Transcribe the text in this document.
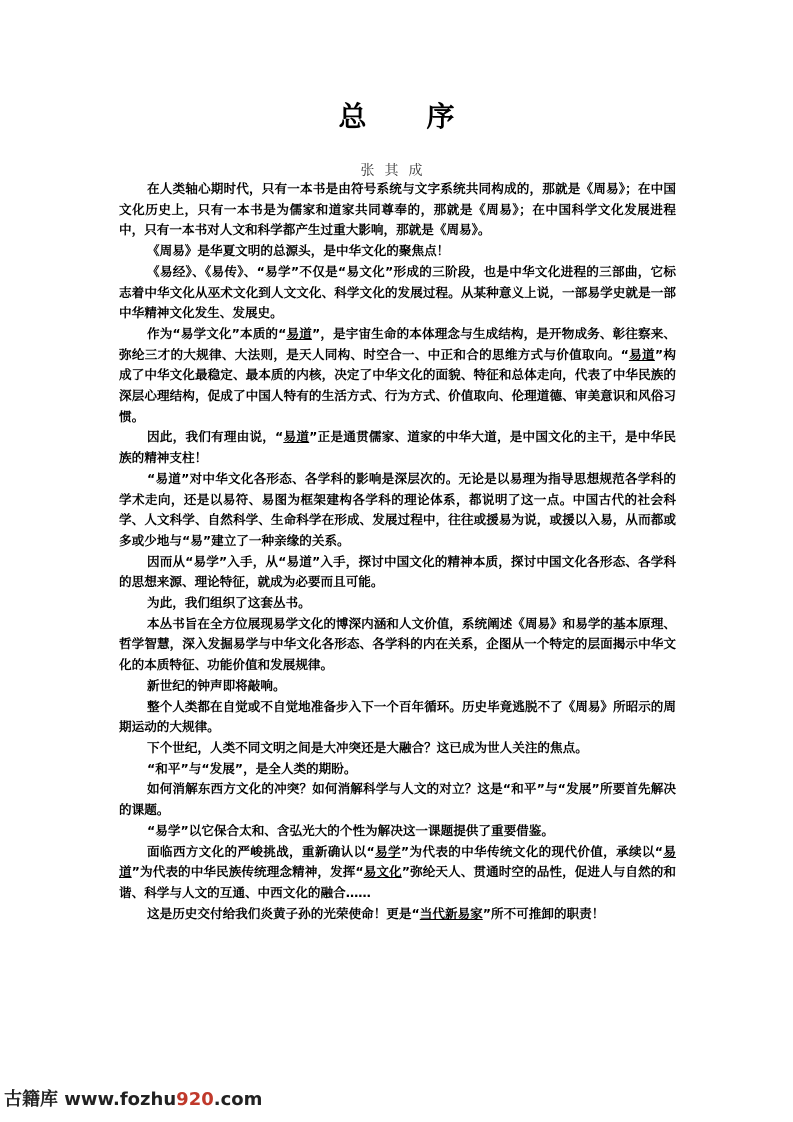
总 序
张其成

在人类轴心期时代，只有一本书是由符号系统与文字系统共同构成的，那就是《周易》；在中国文化历史上，只有一本书是为儒家和道家共同尊奉的，那就是《周易》；在中国科学文化发展进程中，只有一本书对人文和科学都产生过重大影响，那就是《周易》。

《周易》是华夏文明的总源头，是中华文化的聚焦点！

《易经》、《易传》、“易学”不仅是“易文化”形成的三阶段，也是中华文化进程的三部曲，它标志着中华文化从巫术文化到人文文化、科学文化的发展过程。从某种意义上说，一部易学史就是一部中华精神文化发生、发展史。

作为“易学文化”本质的“易道”，是宇宙生命的本体理念与生成结构，是开物成务、彰往察来、弥纶三才的大规律、大法则，是天人同构、时空合一、中正和合的思维方式与价值取向。“易道”构成了中华文化最稳定、最本质的内核，决定了中华文化的面貌、特征和总体走向，代表了中华民族的深层心理结构，促成了中国人特有的生活方式、行为方式、价值取向、伦理道德、审美意识和风俗习惯。

因此，我们有理由说，“易道”正是通贯儒家、道家的中华大道，是中国文化的主干，是中华民族的精神支柱！

“易道”对中华文化各形态、各学科的影响是深层次的。无论是以易理为指导思想规范各学科的学术走向，还是以易符、易图为框架建构各学科的理论体系，都说明了这一点。中国古代的社会科学、人文科学、自然科学、生命科学在形成、发展过程中，往往或援易为说，或援以入易，从而都或多或少地与“易”建立了一种亲缘的关系。

因而从“易学”入手，从“易道”入手，探讨中国文化的精神本质，探讨中国文化各形态、各学科的思想来源、理论特征，就成为必要而且可能。

为此，我们组织了这套丛书。

本丛书旨在全方位展现易学文化的博深内涵和人文价值，系统阐述《周易》和易学的基本原理、哲学智慧，深入发掘易学与中华文化各形态、各学科的内在关系，企图从一个特定的层面揭示中华文化的本质特征、功能价值和发展规律。

新世纪的钟声即将敲响。

整个人类都在自觉或不自觉地准备步入下一个百年循环。历史毕竟逃脱不了《周易》所昭示的周期运动的大规律。

下个世纪，人类不同文明之间是大冲突还是大融合？这已成为世人关注的焦点。

“和平”与“发展”，是全人类的期盼。

如何消解东西方文化的冲突？如何消解科学与人文的对立？这是“和平”与“发展”所要首先解决的课题。

“易学”以它保合太和、含弘光大的个性为解决这一课题提供了重要借鉴。

面临西方文化的严峻挑战，重新确认以“易学”为代表的中华传统文化的现代价值，承续以“易道”为代表的中华民族传统理念精神，发挥“易文化”弥纶天人、贯通时空的品性，促进人与自然的和谐、科学与人文的互通、中西文化的融合……

这是历史交付给我们炎黄子孙的光荣使命！更是“当代新易家”所不可推卸的职责！

古籍库 www.fozhu920.com
